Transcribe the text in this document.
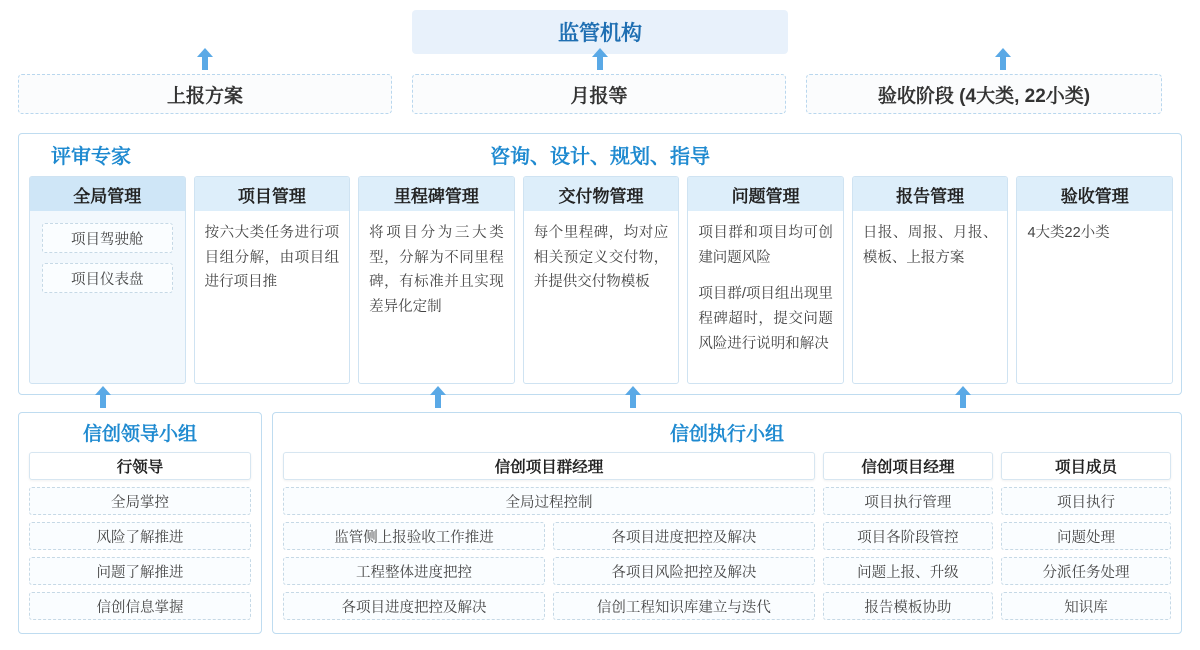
监管机构
上报方案	月报等	验收阶段 (4大类, 22小类)
评审专家	咨询、设计、规划、指导
全局管理
项目驾驶舱
项目仪表盘
项目管理

按六大类任务进行项目组分解，由项目组进行项目推

里程碑管理

将项目分为三大类型，分解为不同里程碑，有标准并且实现差异化定制

交付物管理

每个里程碑，均对应相关预定义交付物，并提供交付物模板

问题管理

项目群和项目均可创建问题风险

项目群/项目组出现里程碑超时，提交问题风险进行说明和解决

报告管理

日报、周报、月报、模板、上报方案

验收管理

4大类22小类

信创领导小组
行领导
全局掌控
风险了解推进
问题了解推进
信创信息掌握
信创执行小组
信创项目群经理
全局过程控制
监管侧上报验收工作推进	各项目进度把控及解决
工程整体进度把控	各项目风险把控及解决
各项目进度把控及解决	信创工程知识库建立与迭代
信创项目经理
项目执行管理
项目各阶段管控
问题上报、升级
报告模板协助
项目成员
项目执行
问题处理
分派任务处理
知识库
